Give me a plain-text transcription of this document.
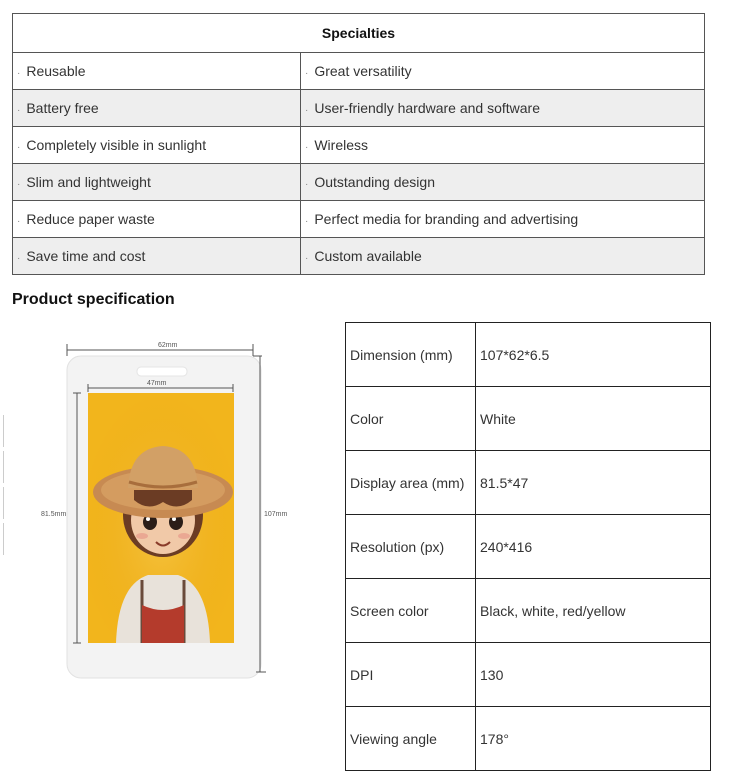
Specialties	
· Reusable	· Great versatility
· Battery free	· User-friendly hardware and software
· Completely visible in sunlight	· Wireless
· Slim and lightweight	· Outstanding design
· Reduce paper waste	· Perfect media for branding and advertising
· Save time and cost	· Custom available
Product specification
62mm
47mm
81.5mm	107mm
Dimension (mm)	107*62*6.5
Color	White
Display area (mm)	81.5*47
Resolution (px)	240*416
Screen color	Black, white, red/yellow
DPI	130
Viewing angle	178°
